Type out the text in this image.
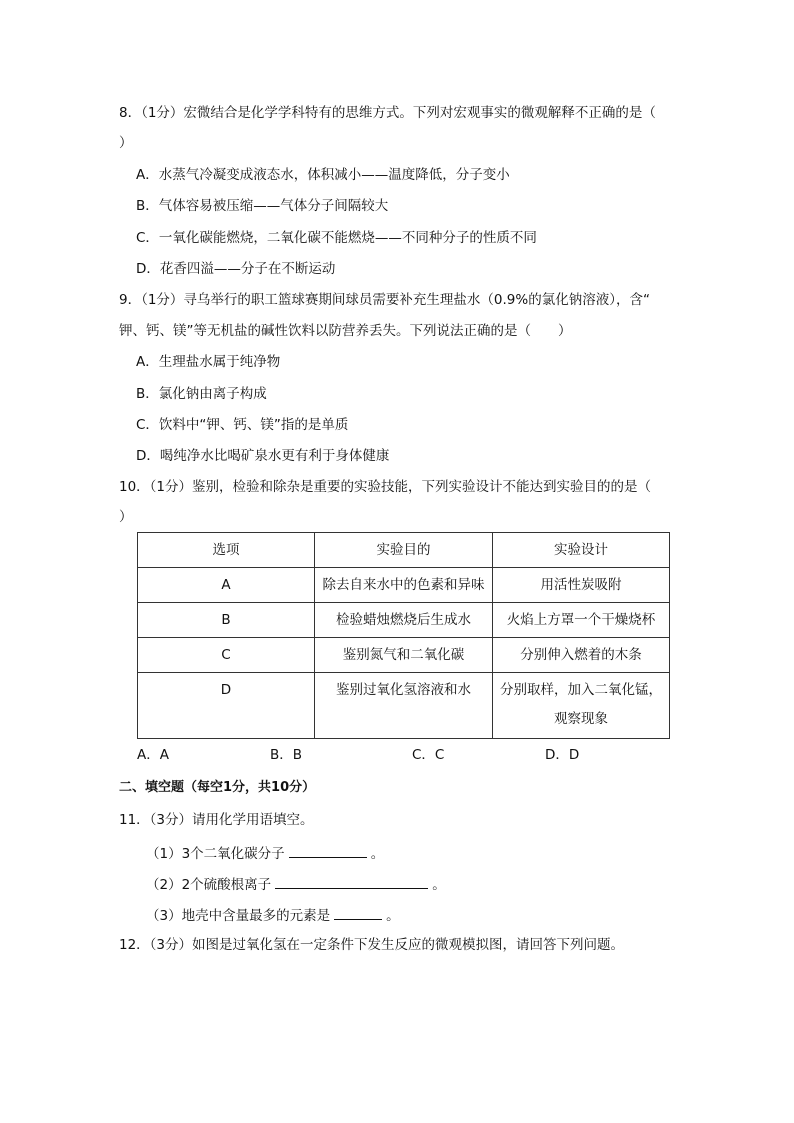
8．（1分）宏微结合是化学学科特有的思维方式。下列对宏观事实的微观解释不正确的是（
）
A．水蒸气冷凝变成液态水，体积减小——温度降低，分子变小
B．气体容易被压缩——气体分子间隔较大
C．一氧化碳能燃烧，二氧化碳不能燃烧——不同种分子的性质不同
D．花香四溢——分子在不断运动
9．（1分）寻乌举行的职工篮球赛期间球员需要补充生理盐水（0.9%的氯化钠溶液），含“
钾、钙、镁”等无机盐的碱性饮料以防营养丢失。下列说法正确的是（　　）
A．生理盐水属于纯净物
B．氯化钠由离子构成
C．饮料中“钾、钙、镁”指的是单质
D．喝纯净水比喝矿泉水更有利于身体健康
10．（1分）鉴别，检验和除杂是重要的实验技能，下列实验设计不能达到实验目的的是（
）
选项	实验目的	实验设计
A	除去自来水中的色素和异味	用活性炭吸附
B	检验蜡烛燃烧后生成水	火焰上方罩一个干燥烧杯
C	鉴别氮气和二氧化碳	分别伸入燃着的木条

D	鉴别过氧化氢溶液和水	分别取样，加入二氧化锰，
观察现象
A．A	B．B	C．C	D．D
二、填空题（每空1分，共10分）
11．（3分）请用化学用语填空。
（1）3个二氧化碳分子	。
（2）2个硫酸根离子	。
（3）地壳中含量最多的元素是	。
12．（3分）如图是过氧化氢在一定条件下发生反应的微观模拟图，请回答下列问题。
